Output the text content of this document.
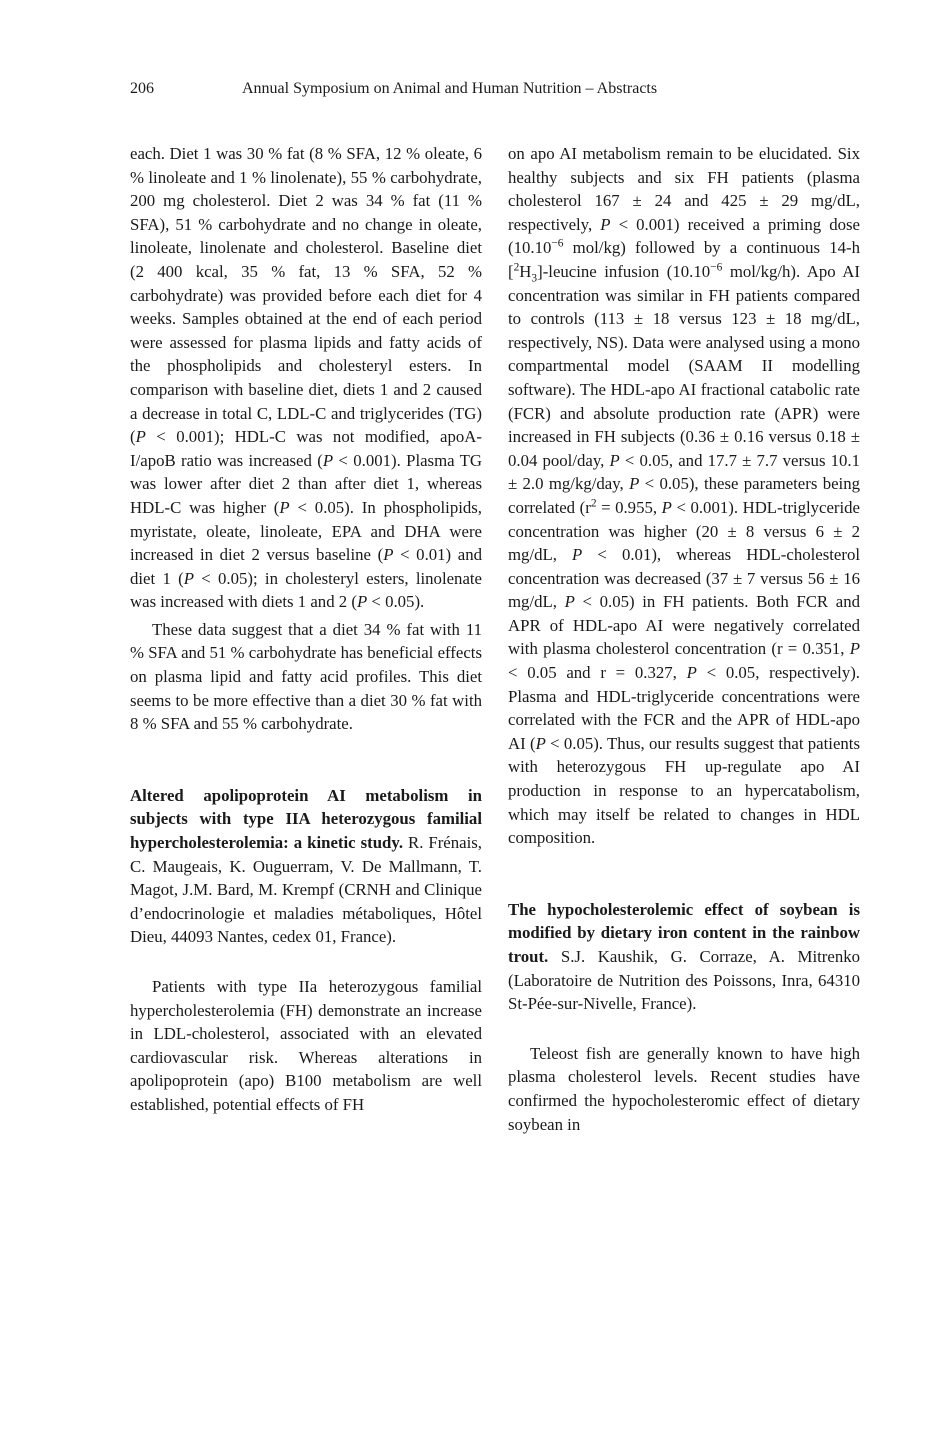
206	Annual Symposium on Animal and Human Nutrition – Abstracts

each. Diet 1 was 30 % fat (8 % SFA, 12 % oleate, 6 % linoleate and 1 % linolenate), 55 % carbohydrate, 200 mg cholesterol. Diet 2 was 34 % fat (11 % SFA), 51 % carbohydrate and no change in oleate, linoleate, linolenate and cholesterol. Baseline diet (2 400 kcal, 35 % fat, 13 % SFA, 52 % carbohydrate) was provided before each diet for 4 weeks. Samples obtained at the end of each period were assessed for plasma lipids and fatty acids of the phospholipids and cholesteryl esters. In comparison with baseline diet, diets 1 and 2 caused a decrease in total C, LDL-C and triglycerides (TG) (P < 0.001); HDL-C was not modified, apoA-I/apoB ratio was increased (P < 0.001). Plasma TG was lower after diet 2 than after diet 1, whereas HDL-C was higher (P < 0.05). In phospholipids, myristate, oleate, linoleate, EPA and DHA were increased in diet 2 versus baseline (P < 0.01) and diet 1 (P < 0.05); in cholesteryl esters, linolenate was increased with diets 1 and 2 (P < 0.05).

These data suggest that a diet 34 % fat with 11 % SFA and 51 % carbohydrate has beneficial effects on plasma lipid and fatty acid profiles. This diet seems to be more effective than a diet 30 % fat with 8 % SFA and 55 % carbohydrate.

Altered apolipoprotein AI metabolism in subjects with type IIA heterozygous familial hypercholesterolemia: a kinetic study. R. Frénais, C. Maugeais, K. Ouguerram, V. De Mallmann, T. Magot, J.M. Bard, M. Krempf (CRNH and Clinique d’endocrinologie et maladies métaboliques, Hôtel Dieu, 44093 Nantes, cedex 01, France).

Patients with type IIa heterozygous familial hypercholesterolemia (FH) demonstrate an increase in LDL-cholesterol, associated with an elevated cardiovascular risk. Whereas alterations in apolipoprotein (apo) B100 metabolism are well established, potential effects of FH

on apo AI metabolism remain to be elucidated. Six healthy subjects and six FH patients (plasma cholesterol 167 ± 24 and 425 ± 29 mg/dL, respectively, P < 0.001) received a priming dose ($10.10^{-6}$ mol/kg) followed by a continuous 14-h $[^2H_3]$-leucine infusion ($10.10^{-6}$ mol/kg/h). Apo AI concentration was similar in FH patients compared to controls (113 ± 18 versus 123 ± 18 mg/dL, respectively, NS). Data were analysed using a mono compartmental model (SAAM II modelling software). The HDL-apo AI fractional catabolic rate (FCR) and absolute production rate (APR) were increased in FH subjects (0.36 ± 0.16 versus 0.18 ± 0.04 pool/day, P < 0.05, and 17.7 ± 7.7 versus 10.1 ± 2.0 mg/kg/day, P < 0.05), these parameters being correlated ($r^2 = 0.955$, P < 0.001). HDL-triglyceride concentration was higher (20 ± 8 versus 6 ± 2 mg/dL, P < 0.01), whereas HDL-cholesterol concentration was decreased (37 ± 7 versus 56 ± 16 mg/dL, P < 0.05) in FH patients. Both FCR and APR of HDL-apo AI were negatively correlated with plasma cholesterol concentration (r = 0.351, P < 0.05 and r = 0.327, P < 0.05, respectively). Plasma and HDL-triglyceride concentrations were correlated with the FCR and the APR of HDL-apo AI (P < 0.05). Thus, our results suggest that patients with heterozygous FH up-regulate apo AI production in response to an hypercatabolism, which may itself be related to changes in HDL composition.

The hypocholesterolemic effect of soybean is modified by dietary iron content in the rainbow trout. S.J. Kaushik, G. Corraze, A. Mitrenko (Laboratoire de Nutrition des Poissons, Inra, 64310 St-Pée-sur-Nivelle, France).

Teleost fish are generally known to have high plasma cholesterol levels. Recent studies have confirmed the hypocholesteromic effect of dietary soybean in
